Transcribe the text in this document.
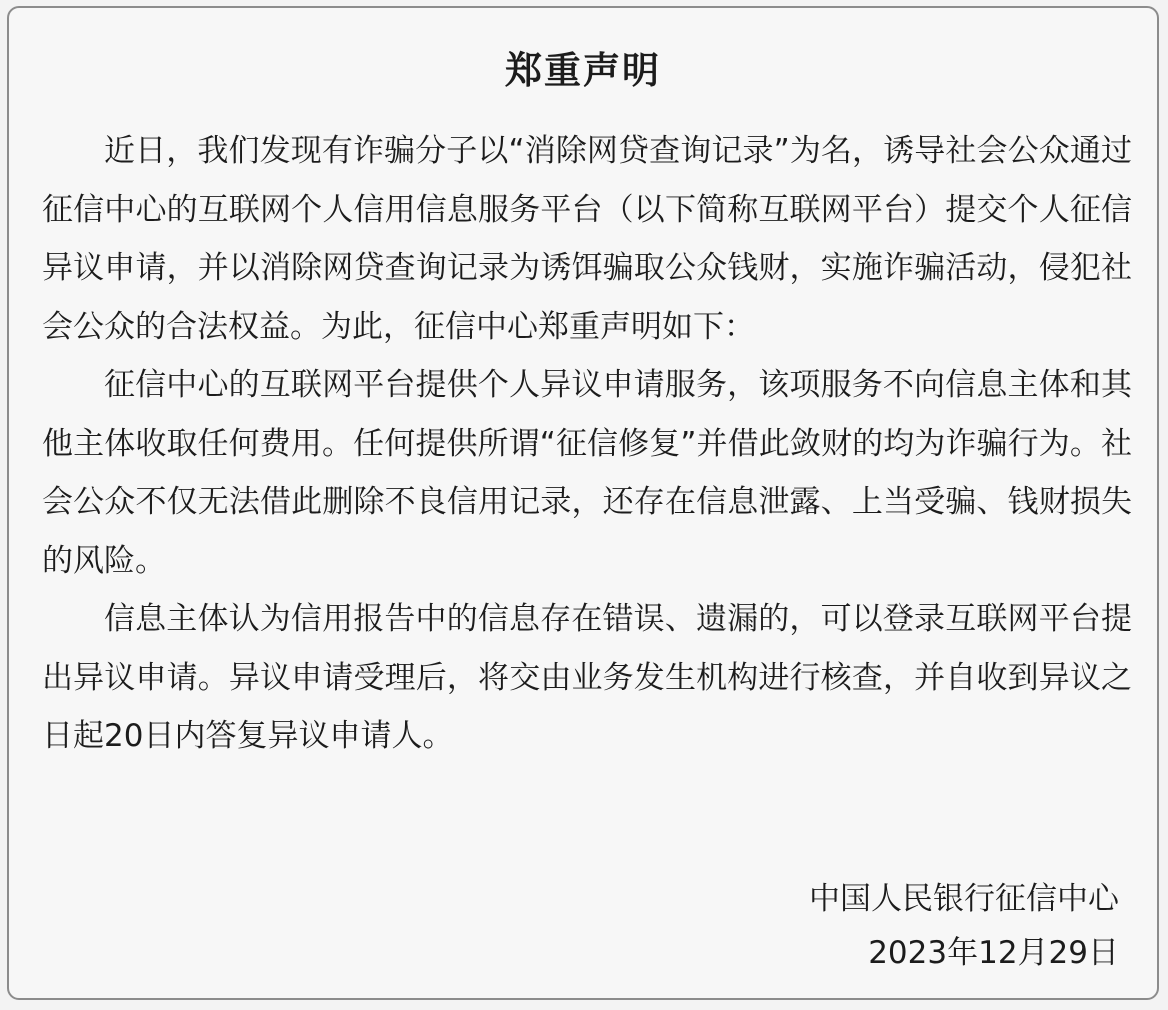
郑重声明

近日，我们发现有诈骗分子以“消除网贷查询记录”为名，诱导社会公众通过征信中心的互联网个人信用信息服务平台（以下简称互联网平台）提交个人征信异议申请，并以消除网贷查询记录为诱饵骗取公众钱财，实施诈骗活动，侵犯社会公众的合法权益。为此，征信中心郑重声明如下：

征信中心的互联网平台提供个人异议申请服务，该项服务不向信息主体和其他主体收取任何费用。任何提供所谓“征信修复”并借此敛财的均为诈骗行为。社会公众不仅无法借此删除不良信用记录，还存在信息泄露、上当受骗、钱财损失的风险。

信息主体认为信用报告中的信息存在错误、遗漏的，可以登录互联网平台提出异议申请。异议申请受理后，将交由业务发生机构进行核查，并自收到异议之日起20日内答复异议申请人。

中国人民银行征信中心
2023年12月29日
